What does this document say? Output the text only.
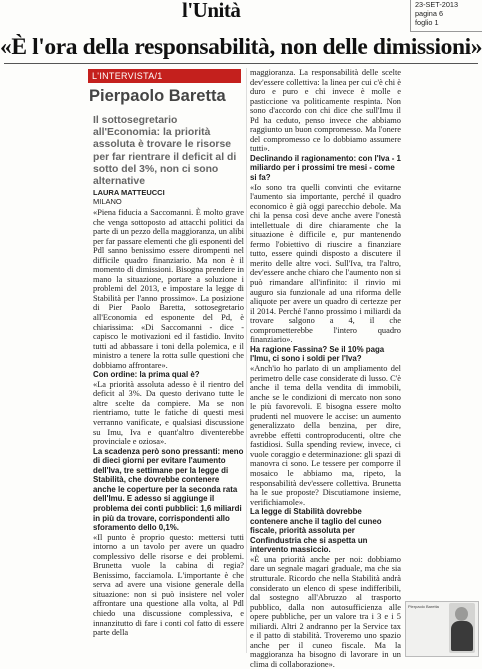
l'Unità	23-SET-2013
pagina 6
foglio 1
«È l'ora della responsabilità, non delle dimissioni»
L'INTERVISTA/1
Pierpaolo Baretta
Il sottosegretario all'Economia: la priorità assoluta è trovare le risorse per far rientrare il deficit al di sotto del 3%, non ci sono alternative
LAURA MATTEUCCI
MILANO

«Piena fiducia a Saccomanni. È molto grave che venga sottoposto ad attacchi politici da parte di un pezzo della maggioranza, un alibi per far passare elementi che gli esponenti del Pdl sanno benissimo essere dirompenti nel difficile quadro finanziario. Ma non è il momento di dimissioni. Bisogna prendere in mano la situazione, portare a soluzione i problemi del 2013, e impostare la legge di Stabilità per l'anno prossimo». La posizione di Pier Paolo Baretta, sottosegretario all'Economia ed esponente del Pd, è chiarissima: «Di Saccomanni - dice - capisco le motivazioni ed il fastidio. Invito tutti ad abbassare i toni della polemica, e il ministro a tenere la rotta sulle questioni che dobbiamo affrontare».

Con ordine: la prima qual è?

«La priorità assoluta adesso è il rientro del deficit al 3%. Da questo derivano tutte le altre scelte da compiere. Ma se non rientriamo, tutte le fatiche di questi mesi verranno vanificate, e qualsiasi discussione su Imu, Iva e quant'altro diventerebbe provinciale e oziosa».

La scadenza però sono pressanti: meno di dieci giorni per evitare l'aumento dell'Iva, tre settimane per la legge di Stabilità, che dovrebbe contenere anche le coperture per la seconda rata dell'Imu. E adesso si aggiunge il problema dei conti pubblici: 1,6 miliardi in più da trovare, corrispondenti allo sforamento dello 0,1%.

«Il punto è proprio questo: mettersi tutti intorno a un tavolo per avere un quadro complessivo delle risorse e dei problemi. Brunetta vuole la cabina di regia? Benissimo, facciamola. L'importante è che serva ad avere una visione generale della situazione: non si può insistere nel voler affrontare una questione alla volta, al Pdl chiedo una discussione complessiva, e innanzitutto di fare i conti col fatto di essere parte della

maggioranza. La responsabilità delle scelte dev'essere collettiva: la linea per cui c'è chi è duro e puro e chi invece è molle e pasticcione va politicamente respinta. Non sono d'accordo con chi dice che sull'Imu il Pd ha ceduto, penso invece che abbiamo raggiunto un buon compromesso. Ma l'onere del compromesso ce lo dobbiamo assumere tutti».

Declinando il ragionamento: con l'Iva - 1 miliardo per i prossimi tre mesi - come si fa?

«Io sono tra quelli convinti che evitarne l'aumento sia importante, perché il quadro economico è già oggi parecchio debole. Ma chi la pensa così deve anche avere l'onestà intellettuale di dire chiaramente che la situazione è difficile e, pur mantenendo fermo l'obiettivo di riuscire a finanziare tutto, essere quindi disposto a discutere il merito delle altre voci. Sull'Iva, tra l'altro, dev'essere anche chiaro che l'aumento non si può rimandare all'infinito: il rinvio mi auguro sia funzionale ad una riforma delle aliquote per avere un quadro di certezze per il 2014. Perché l'anno prossimo i miliardi da trovare salgono a 4, il che comprometterebbe l'intero quadro finanziario».

Ha ragione Fassina? Se il 10% paga l'Imu, ci sono i soldi per l'Iva?

«Anch'io ho parlato di un ampliamento del perimetro delle case considerate di lusso. C'è anche il tema della vendita di immobili, anche se le condizioni di mercato non sono le più favorevoli. E bisogna essere molto prudenti nel muovere le accise: un aumento generalizzato della benzina, per dire, avrebbe effetti controproducenti, oltre che fastidiosi. Sulla spending review, invece, ci vuole coraggio e determinazione: gli spazi di manovra ci sono. Le tessere per comporre il mosaico le abbiamo ma, ripeto, la responsabilità dev'essere collettiva. Brunetta ha le sue proposte? Discutiamone insieme, verifichiamole».

La legge di Stabilità dovrebbe contenere anche il taglio del cuneo fiscale, priorità assoluta per Confindustria che si aspetta un intervento massiccio.

«È una priorità anche per noi: dobbiamo dare un segnale magari graduale, ma che sia strutturale. Ricordo che nella Stabilità andrà considerato un elenco di spese indifferibili, dal sostegno all'Abruzzo al trasporto pubblico, dalla non autosufficienza alle opere pubbliche, per un valore tra i 3 e i 5 miliardi. Altri 2 andranno per la Service tax e il patto di stabilità. Troveremo uno spazio anche per il cuneo fiscale. Ma la maggioranza ha bisogno di lavorare in un clima di collaborazione».

Pierpaolo Baretta
